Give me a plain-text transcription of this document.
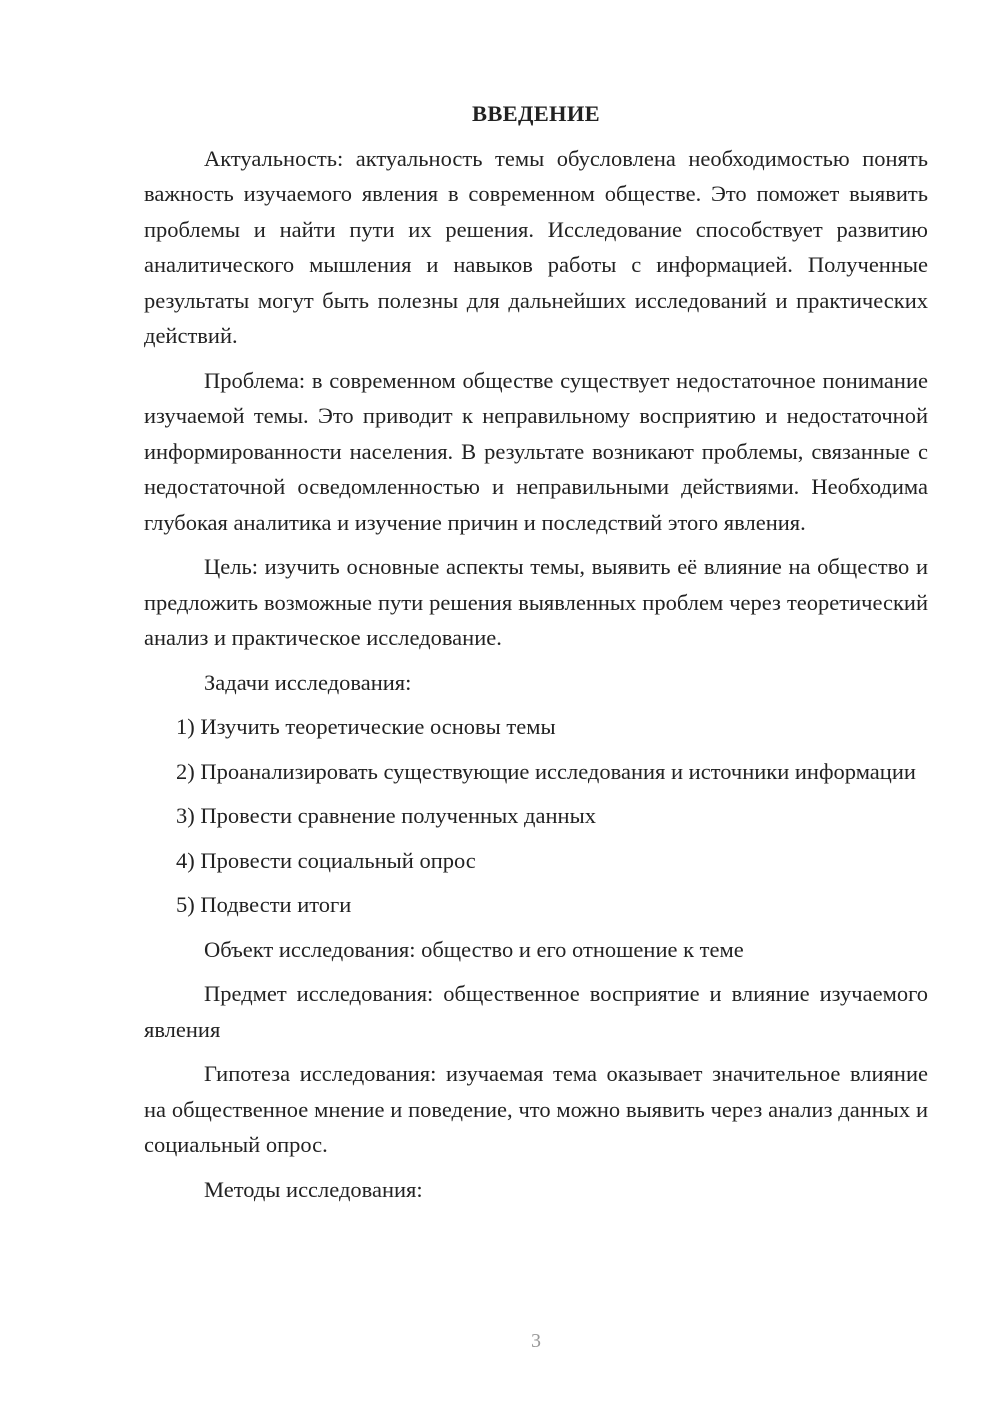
ВВЕДЕНИЕ

Актуальность: актуальность темы обусловлена необходимостью понять важность изучаемого явления в современном обществе. Это поможет выявить проблемы и найти пути их решения. Исследование способствует развитию аналитического мышления и навыков работы с информацией. Полученные результаты могут быть полезны для дальнейших исследований и практических действий.

Проблема: в современном обществе существует недостаточное понимание изучаемой темы. Это приводит к неправильному восприятию и недостаточной информированности населения. В результате возникают проблемы, связанные с недостаточной осведомленностью и неправильными действиями. Необходима глубокая аналитика и изучение причин и последствий этого явления.

Цель: изучить основные аспекты темы, выявить её влияние на общество и предложить возможные пути решения выявленных проблем через теоретический анализ и практическое исследование.

Задачи исследования:

1) Изучить теоретические основы темы

2) Проанализировать существующие исследования и источники информации

3) Провести сравнение полученных данных

4) Провести социальный опрос

5) Подвести итоги

Объект исследования: общество и его отношение к теме

Предмет исследования: общественное восприятие и влияние изучаемого явления

Гипотеза исследования: изучаемая тема оказывает значительное влияние на общественное мнение и поведение, что можно выявить через анализ данных и социальный опрос.

Методы исследования:

3
